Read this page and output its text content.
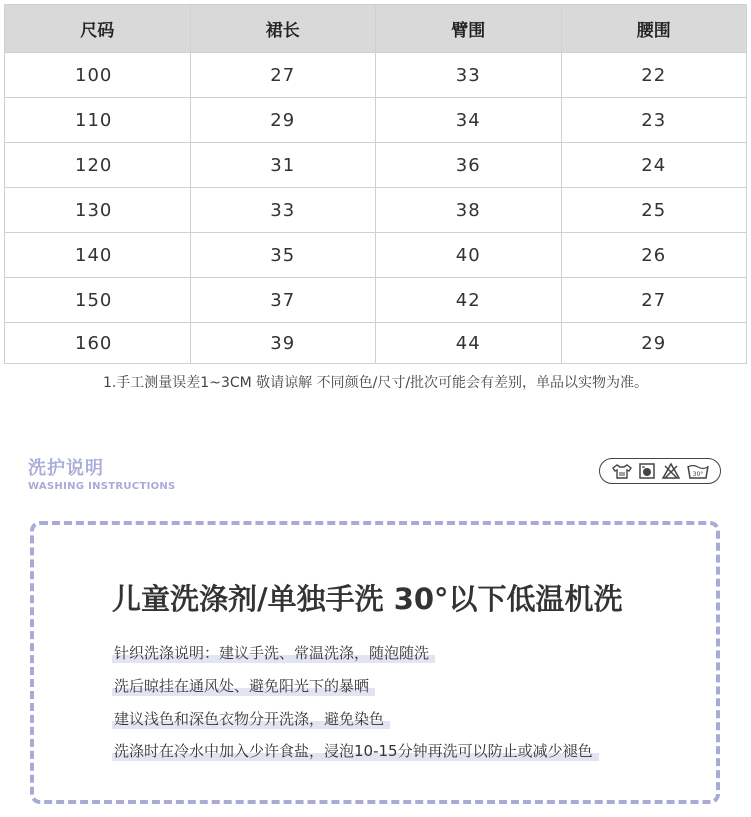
尺码	裙长	臂围	腰围
100	27	33	22
110	29	34	23
120	31	36	24
130	33	38	25
140	35	40	26
150	37	42	27
160	39	44	29
1.手工测量误差1~3CM 敬请谅解 不同颜色/尺寸/批次可能会有差别，单品以实物为准。
洗护说明
WASHING INSTRUCTIONS
30°
儿童洗涤剂/单独手洗 30°以下低温机洗
针织洗涤说明：建议手洗、常温洗涤，随泡随洗
洗后晾挂在通风处、避免阳光下的暴晒
建议浅色和深色衣物分开洗涤，避免染色
洗涤时在冷水中加入少许食盐，浸泡10-15分钟再洗可以防止或减少褪色
